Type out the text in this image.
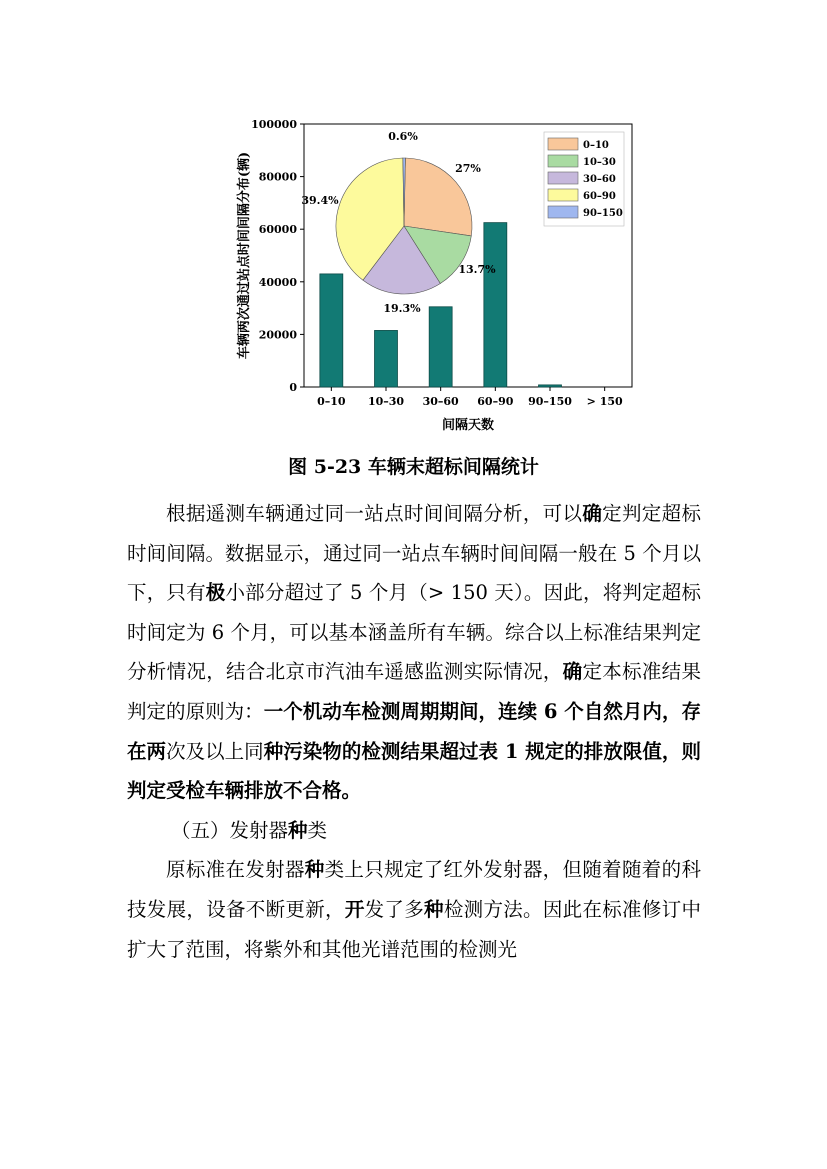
0
20000
40000
60000
80000
100000
0–10 10–30 30–60 60–90 90–150 > 150
间隔天数
车辆两次通过站点时间间隔分布(辆)	27%
13.7%
19.3%
39.4%
0.6%
0–10
10–30
30–60
60–90
90–150
图 5-23 车辆末超标间隔统计

根据遥测车辆通过同一站点时间间隔分析，可以确定判定超标时间间隔。数据显示，通过同一站点车辆时间间隔一般在 5 个月以下，只有极小部分超过了 5 个月（> 150 天）。因此，将判定超标时间定为 6 个月，可以基本涵盖所有车辆。综合以上标准结果判定分析情况，结合北京市汽油车遥感监测实际情况，确定本标准结果判定的原则为：一个机动车检测周期期间，连续 6 个自然月内，存在两次及以上同种污染物的检测结果超过表 1 规定的排放限值，则判定受检车辆排放不合格。

（五）发射器种类

原标准在发射器种类上只规定了红外发射器，但随着随着的科技发展，设备不断更新，开发了多种检测方法。因此在标准修订中扩大了范围，将紫外和其他光谱范围的检测光
